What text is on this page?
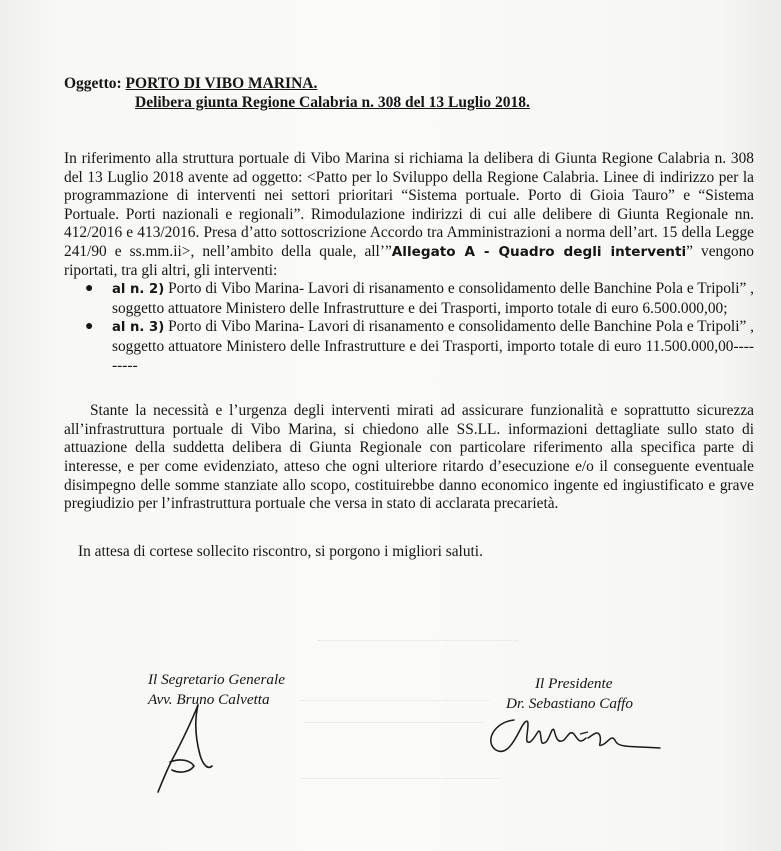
Oggetto: PORTO DI VIBO MARINA.
Delibera giunta Regione Calabria n. 308 del 13 Luglio 2018.

In riferimento alla struttura portuale di Vibo Marina si richiama la delibera di Giunta Regione Calabria n. 308 del 13 Luglio 2018 avente ad oggetto: <Patto per lo Sviluppo della Regione Calabria. Linee di indirizzo per la programmazione di interventi nei settori prioritari “Sistema portuale. Porto di Gioia Tauro” e “Sistema Portuale. Porti nazionali e regionali”. Rimodulazione indirizzi di cui alle delibere di Giunta Regionale nn. 412/2016 e 413/2016. Presa d’atto sottoscrizione Accordo tra Amministrazioni a norma dell’art. 15 della Legge 241/90 e ss.mm.ii>, nell’ambito della quale, all’”Allegato A - Quadro degli interventi” vengono riportati, tra gli altri, gli interventi:

● al n. 2) Porto di Vibo Marina- Lavori di risanamento e consolidamento delle Banchine Pola e Tripoli” , soggetto attuatore Ministero delle Infrastrutture e dei Trasporti, importo totale di euro 6.500.000,00;
● al n. 3) Porto di Vibo Marina- Lavori di risanamento e consolidamento delle Banchine Pola e Tripoli” , soggetto attuatore Ministero delle Infrastrutture e dei Trasporti, importo totale di euro 11.500.000,00---------

Stante la necessità e l’urgenza degli interventi mirati ad assicurare funzionalità e soprattutto sicurezza all’infrastruttura portuale di Vibo Marina, si chiedono alle SS.LL. informazioni dettagliate sullo stato di attuazione della suddetta delibera di Giunta Regionale con particolare riferimento alla specifica parte di interesse, e per come evidenziato, atteso che ogni ulteriore ritardo d’esecuzione e/o il conseguente eventuale disimpegno delle somme stanziate allo scopo, costituirebbe danno economico ingente ed ingiustificato e grave pregiudizio per l’infrastruttura portuale che versa in stato di acclarata precarietà.

In attesa di cortese sollecito riscontro, si porgono i migliori saluti.

Il Segretario Generale
Avv. Bruno Calvetta
Il Presidente
Dr. Sebastiano Caffo
